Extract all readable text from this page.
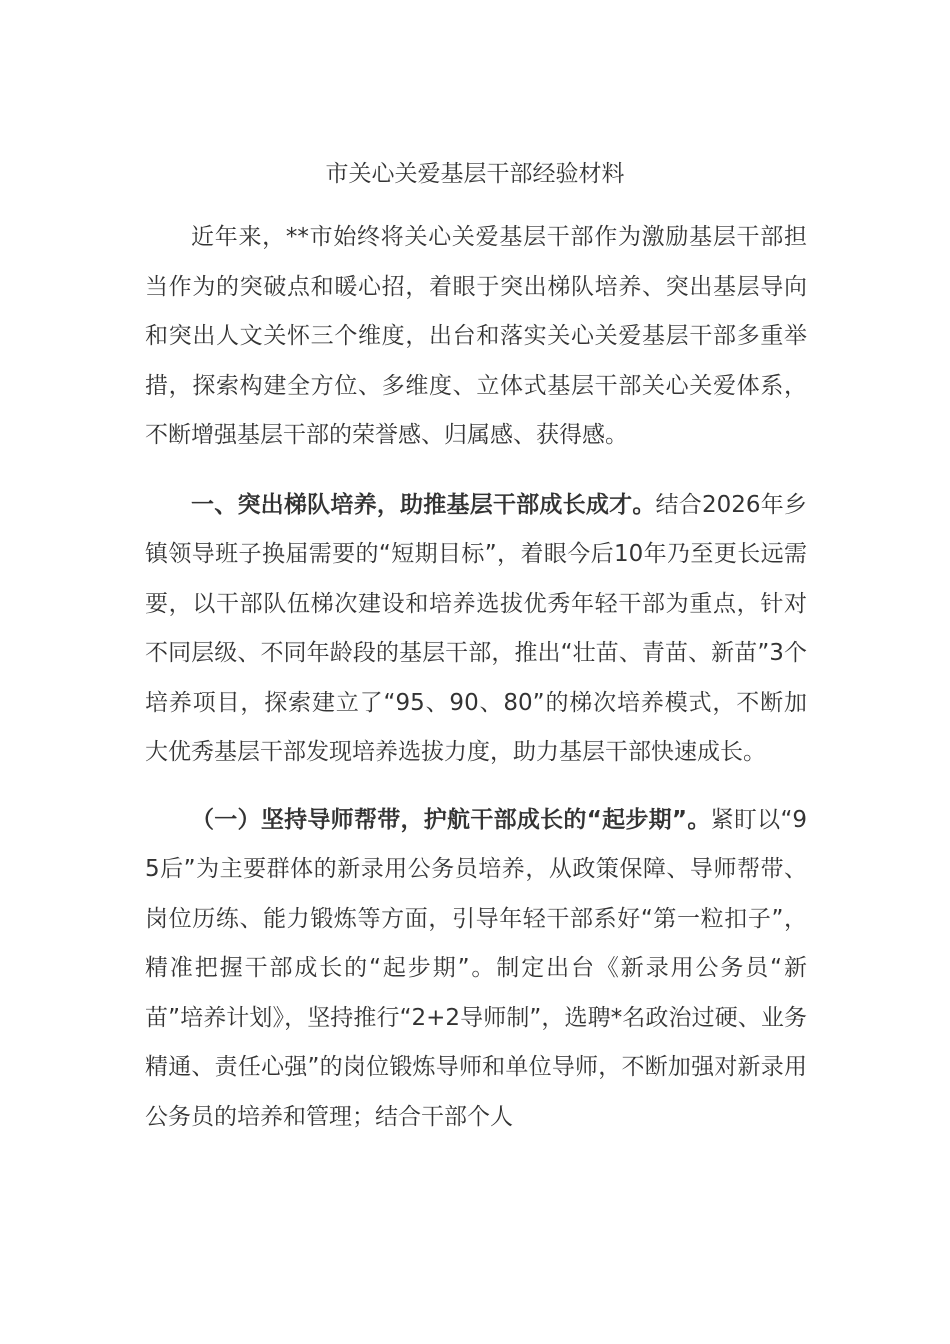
市关心关爱基层干部经验材料

近年来，**市始终将关心关爱基层干部作为激励基层干部担当作为的突破点和暖心招，着眼于突出梯队培养、突出基层导向和突出人文关怀三个维度，出台和落实关心关爱基层干部多重举措，探索构建全方位、多维度、立体式基层干部关心关爱体系，不断增强基层干部的荣誉感、归属感、获得感。

一、突出梯队培养，助推基层干部成长成才。结合2026年乡镇领导班子换届需要的“短期目标”，着眼今后10年乃至更长远需要，以干部队伍梯次建设和培养选拔优秀年轻干部为重点，针对不同层级、不同年龄段的基层干部，推出“壮苗、青苗、新苗”3个培养项目，探索建立了“95、90、80”的梯次培养模式，不断加大优秀基层干部发现培养选拔力度，助力基层干部快速成长。

（一）坚持导师帮带，护航干部成长的“起步期”。紧盯以“95后”为主要群体的新录用公务员培养，从政策保障、导师帮带、岗位历练、能力锻炼等方面，引导年轻干部系好“第一粒扣子”，精准把握干部成长的“起步期”。制定出台《新录用公务员“新苗”培养计划》，坚持推行“2+2导师制”，选聘*名政治过硬、业务精通、责任心强”的岗位锻炼导师和单位导师，不断加强对新录用公务员的培养和管理；结合干部个人
